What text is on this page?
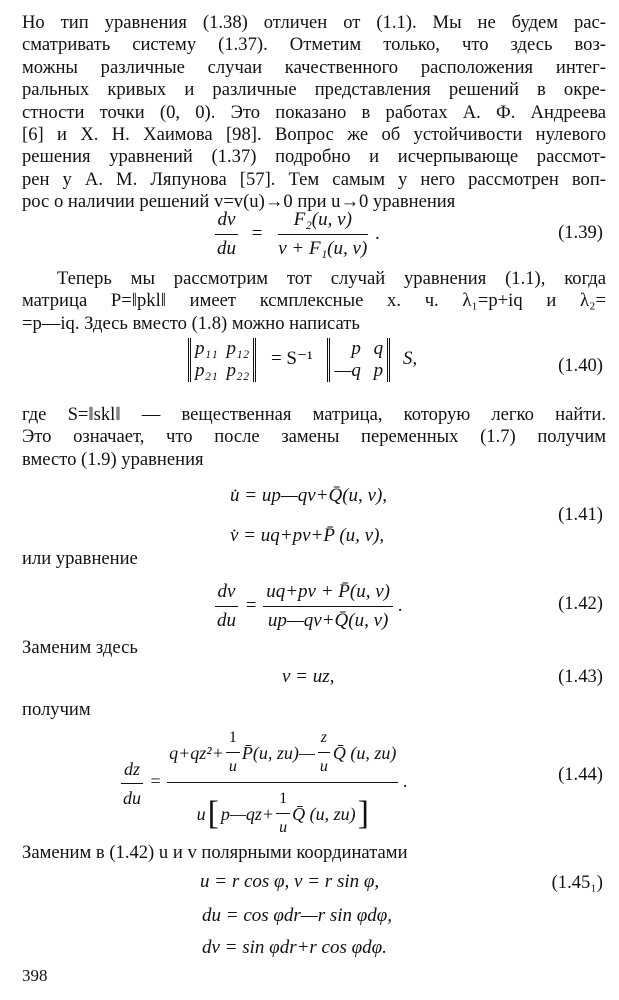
Но тип уравнения (1.38) отличен от (1.1). Мы не будем рас-
сматривать систему (1.37). Отметим только, что здесь воз-
можны различные случаи качественного расположения интег-
ральных кривых и различные представления решений в окре-
стности точки (0, 0). Это показано в работах А. Ф. Андреева
[6] и Х. Н. Хаимова [98]. Вопрос же об устойчивости нулевого
решения уравнений (1.37) подробно и исчерпывающе рассмот-
рен у А. М. Ляпунова [57]. Тем самым у него рассмотрен воп-
рос о наличии решений v=v(u)→0 при u→0 уравнения
$\frac{dv}{du} = \frac{\text{F₂(u, v)}}{\text{v + F₁(u, v)}}$ .	(1.39)
Теперь мы рассмотрим тот случай уравнения (1.1), когда
матрица P=‖pkl‖ имеет ксмплексные х. ч. λ₁=p+iq и λ₂=
=p—iq. Здесь вместо (1.8) можно написать
p₁₁ p₁₂
p₂₁ p₂₂
= S⁻¹	p q
—q p
S,	(1.40)
где S=‖skl‖ — вещественная матрица, которую легко найти.
Это означает, что после замены переменных (1.7) получим
вместо (1.9) уравнения
u̇ = up—qv+Q̄(u, v),
v̇ = uq+pv+P̄ (u, v),
(1.41)
или уравнение
$\frac{dv}{du} = \frac{uq+pv + P̄(u, v)}{up—qv+Q̄(u, v)}$ .	(1.42)
Заменим здесь
v = uz,	(1.43)
получим
$\frac{dz}{du}$ =
$q+qz^2+ \frac{1}{u}$ P̄(u, zu)— $\frac{z}{u}$ Q̄ (u, zu)
u [ p—qz+ $\frac{1}{u}$ Q̄ (u, zu) ]
.	(1.44)
Заменим в (1.42) u и v полярными координатами
u = r cos φ, v = r sin φ,
du = cos φdr—r sin φdφ,
dv = sin φdr+r cos φdφ.
(1.45₁)
398
